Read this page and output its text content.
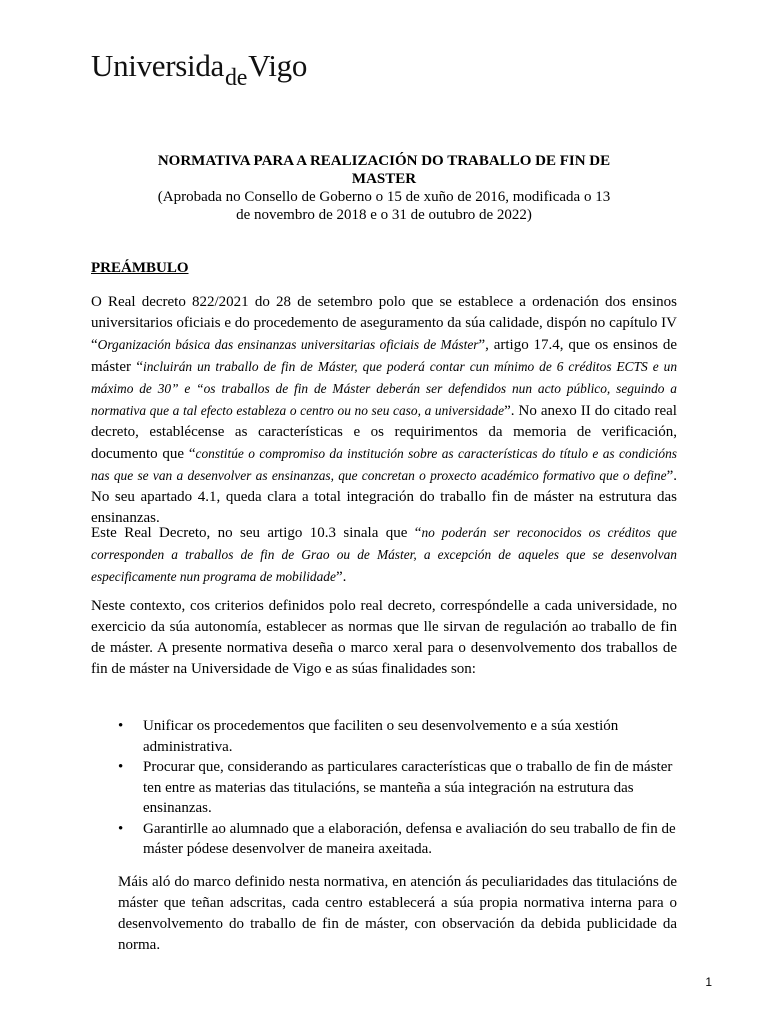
Universida$_{de}$Vigo
NORMATIVA PARA A REALIZACIÓN DO TRABALLO DE FIN DE
MASTER
(Aprobada no Consello de Goberno o 15 de xuño de 2016, modificada o 13
de novembro de 2018 e o 31 de outubro de 2022)
PREÁMBULO
O Real decreto 822/2021 do 28 de setembro polo que se establece a ordenación dos ensinos universitarios oficiais e do procedemento de aseguramento da súa calidade, dispón no capítulo IV “Organización básica das ensinanzas universitarias oficiais de Máster”, artigo 17.4, que os ensinos de máster “incluirán un traballo de fin de Máster, que poderá contar cun mínimo de 6 créditos ECTS e un máximo de 30” e “os traballos de fin de Máster deberán ser defendidos nun acto público, seguindo a normativa que a tal efecto estableza o centro ou no seu caso, a universidade”. No anexo II do citado real decreto, establécense as características e os requirimentos da memoria de verificación, documento que “constitúe o compromiso da institución sobre as características do título e as condicións nas que se van a desenvolver as ensinanzas, que concretan o proxecto académico formativo que o define”. No seu apartado 4.1, queda clara a total integración do traballo fin de máster na estrutura das ensinanzas.
Este Real Decreto, no seu artigo 10.3 sinala que “no poderán ser reconocidos os créditos que corresponden a traballos de fin de Grao ou de Máster, a excepción de aqueles que se desenvolvan especificamente nun programa de mobilidade”.
Neste contexto, cos criterios definidos polo real decreto, correspóndelle a cada universidade, no exercicio da súa autonomía, establecer as normas que lle sirvan de regulación ao traballo de fin de máster. A presente normativa deseña o marco xeral para o desenvolvemento dos traballos de fin de máster na Universidade de Vigo e as súas finalidades son:
• Unificar os procedementos que faciliten o seu desenvolvemento e a súa xestión administrativa.
• Procurar que, considerando as particulares características que o traballo de fin de máster ten entre as materias das titulacións, se manteña a súa integración na estrutura das ensinanzas.
• Garantirlle ao alumnado que a elaboración, defensa e avaliación do seu traballo de fin de máster pódese desenvolver de maneira axeitada.
Máis aló do marco definido nesta normativa, en atención ás peculiaridades das titulacións de máster que teñan adscritas, cada centro establecerá a súa propia normativa interna para o desenvolvemento do traballo de fin de máster, con observación da debida publicidade da norma.
1
